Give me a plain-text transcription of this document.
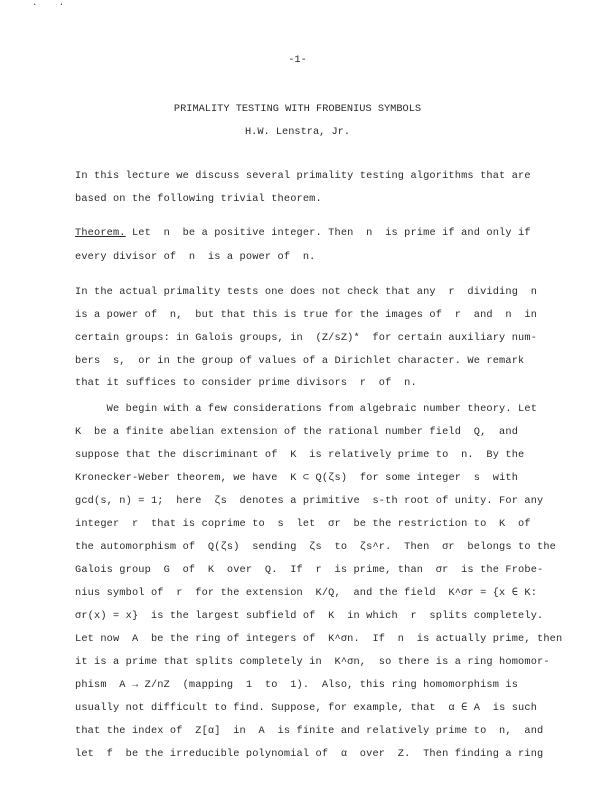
· ·
-1-
PRIMALITY TESTING WITH FROBENIUS SYMBOLS
H.W. Lenstra, Jr.
In this lecture we discuss several primality testing algorithms that are
based on the following trivial theorem.
Theorem. Let  n  be a positive integer. Then  n  is prime if and only if
every divisor of  n  is a power of  n.
In the actual primality tests one does not check that any  r  dividing  n
is a power of  n,  but that this is true for the images of  r  and  n  in
certain groups: in Galois groups, in  (Z/sZ)*  for certain auxiliary num-
bers  s,  or in the group of values of a Dirichlet character. We remark
that it suffices to consider prime divisors  r  of  n.
We begin with a few considerations from algebraic number theory. Let
K  be a finite abelian extension of the rational number field  Q,  and
suppose that the discriminant of  K  is relatively prime to  n.  By the
Kronecker-Weber theorem, we have  K ⊂ Q(ζs)  for some integer  s  with
gcd(s, n) = 1;  here  ζs  denotes a primitive  s-th root of unity. For any
integer  r  that is coprime to  s  let  σr  be the restriction to  K  of
the automorphism of  Q(ζs)  sending  ζs  to  ζs^r.  Then  σr  belongs to the
Galois group  G  of  K  over  Q.  If  r  is prime, than  σr  is the Frobe-
nius symbol of  r  for the extension  K/Q,  and the field  K^σr = {x ∈ K:
σr(x) = x}  is the largest subfield of  K  in which  r  splits completely.
Let now  A  be the ring of integers of  K^σn.  If  n  is actually prime, then
it is a prime that splits completely in  K^σn,  so there is a ring homomor-
phism  A → Z/nZ  (mapping  1  to  1).  Also, this ring homomorphism is
usually not difficult to find. Suppose, for example, that  α ∈ A  is such
that the index of  Z[α]  in  A  is finite and relatively prime to  n,  and
let  f  be the irreducible polynomial of  α  over  Z.  Then finding a ring
